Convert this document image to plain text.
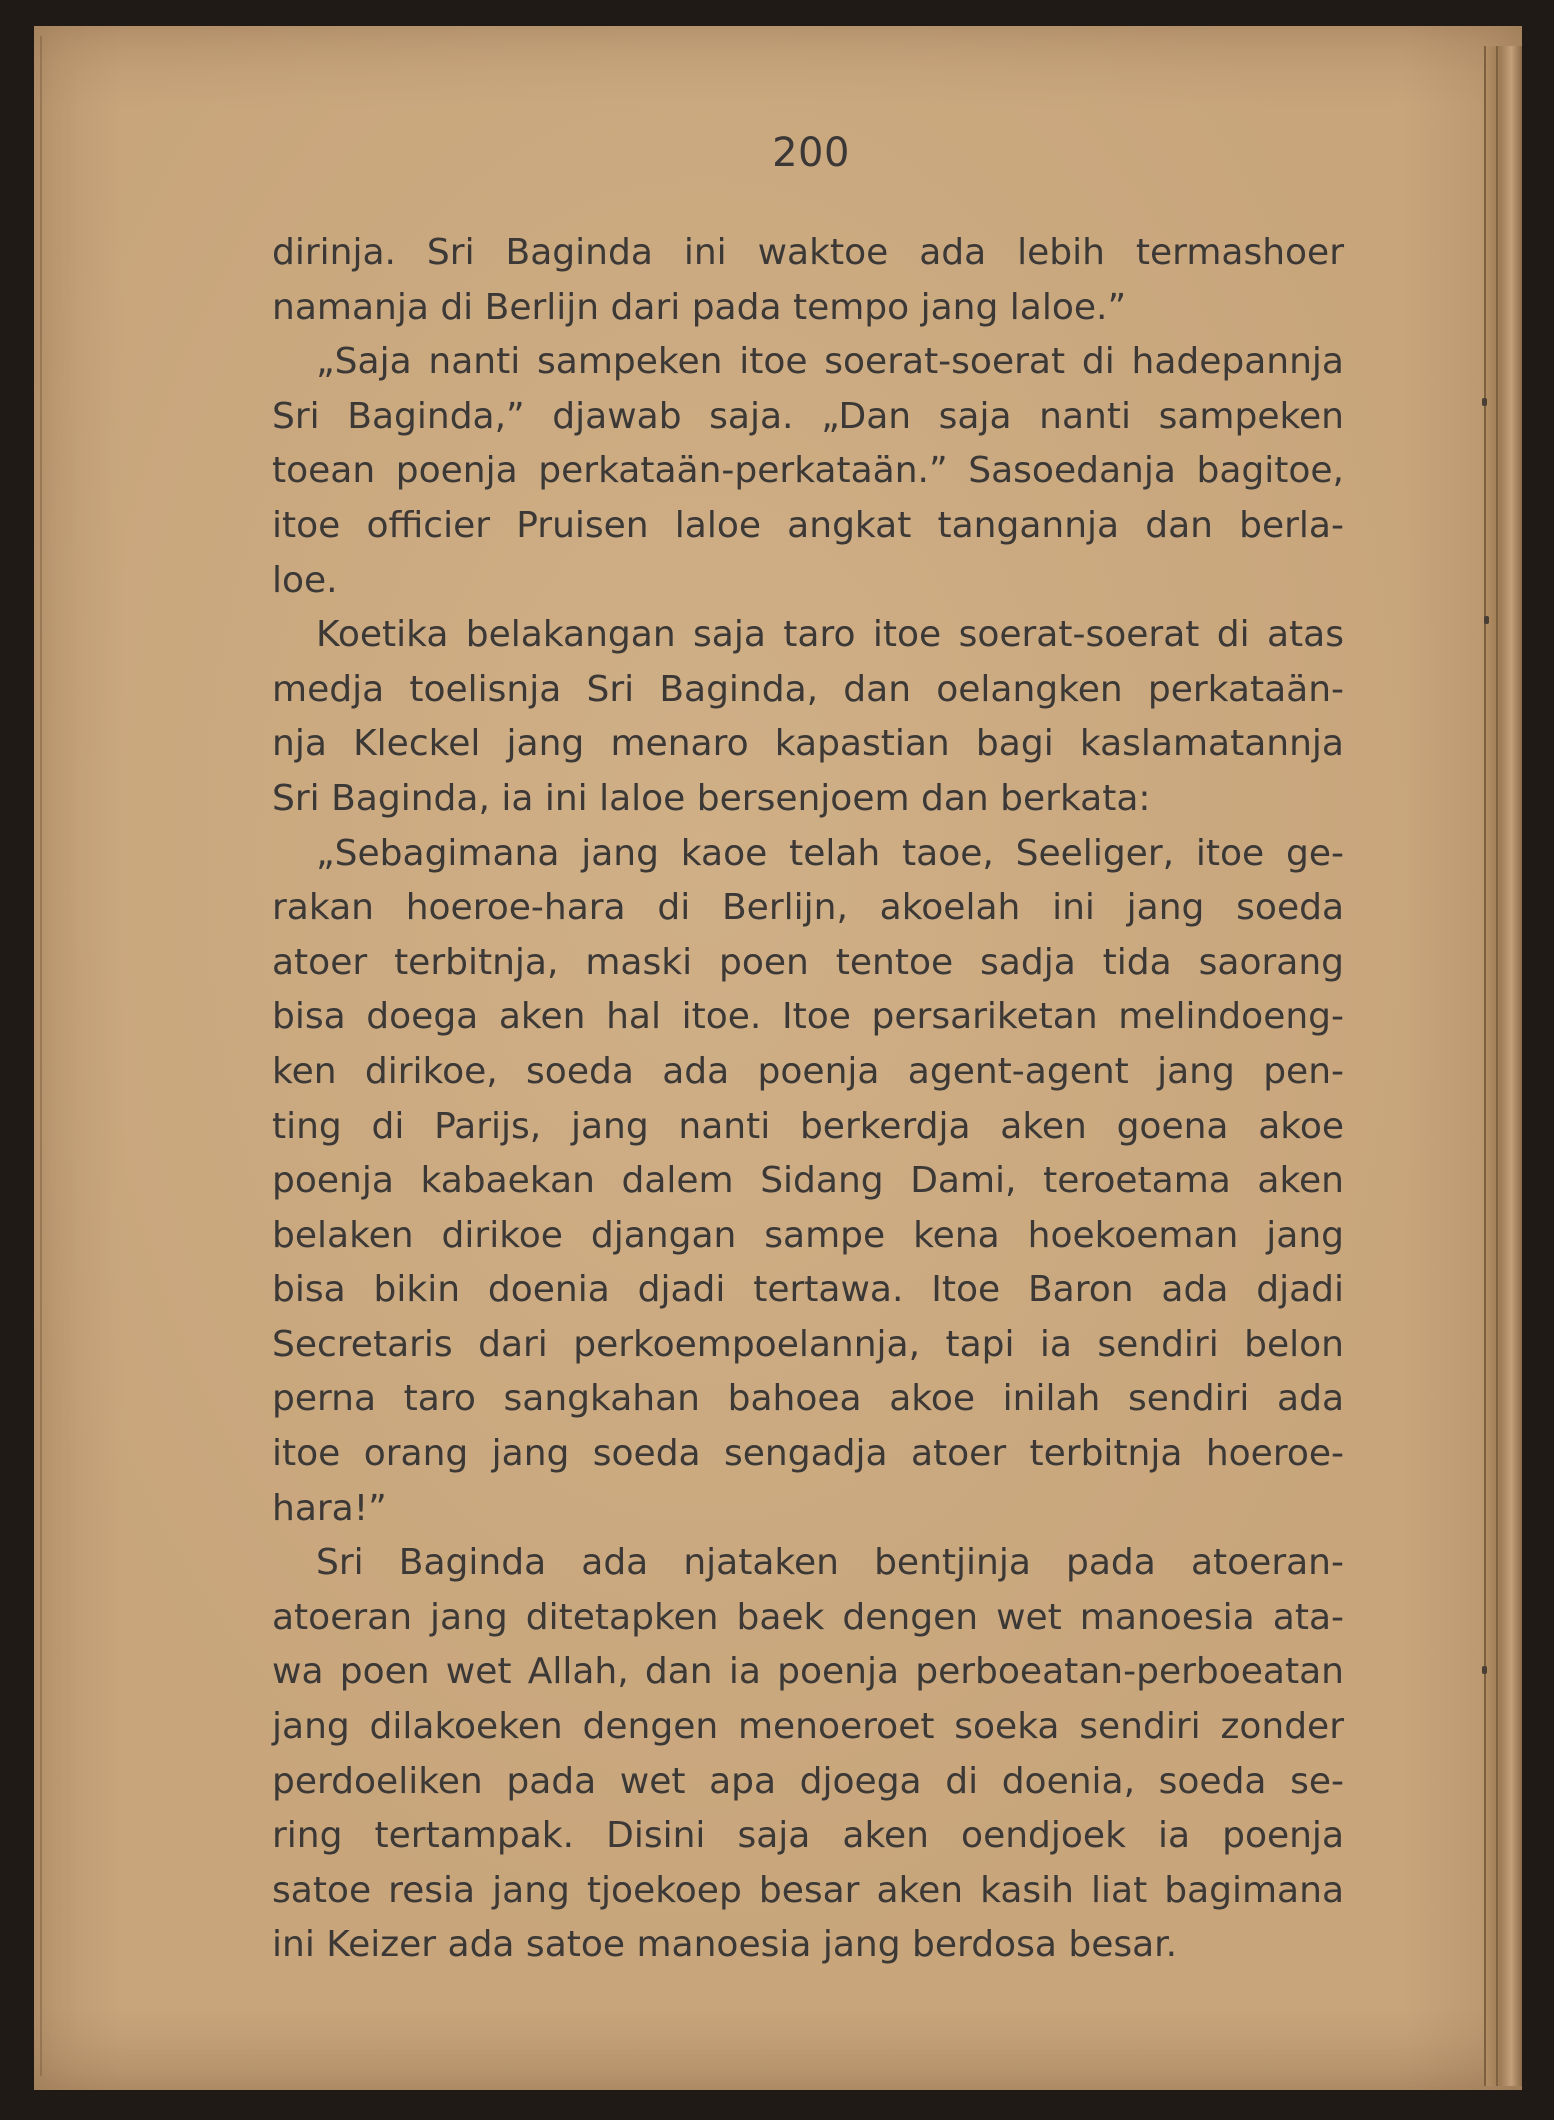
200
dirinja. Sri Baginda ini waktoe ada lebih termashoer
namanja di Berlijn dari pada tempo jang laloe.”
„Saja nanti sampeken itoe soerat-soerat di hadepannja
Sri Baginda,” djawab saja. „Dan saja nanti sampeken
toean poenja perkataän-perkataän.” Sasoedanja bagitoe,
itoe officier Pruisen laloe angkat tangannja dan berla-
loe.
Koetika belakangan saja taro itoe soerat-soerat di atas
medja toelisnja Sri Baginda, dan oelangken perkataän-
nja Kleckel jang menaro kapastian bagi kaslamatannja
Sri Baginda, ia ini laloe bersenjoem dan berkata:
„Sebagimana jang kaoe telah taoe, Seeliger, itoe ge-
rakan hoeroe-hara di Berlijn, akoelah ini jang soeda
atoer terbitnja, maski poen tentoe sadja tida saorang
bisa doega aken hal itoe. Itoe persariketan melindoeng-
ken dirikoe, soeda ada poenja agent-agent jang pen-
ting di Parijs, jang nanti berkerdja aken goena akoe
poenja kabaekan dalem Sidang Dami, teroetama aken
belaken dirikoe djangan sampe kena hoekoeman jang
bisa bikin doenia djadi tertawa. Itoe Baron ada djadi
Secretaris dari perkoempoelannja, tapi ia sendiri belon
perna taro sangkahan bahoea akoe inilah sendiri ada
itoe orang jang soeda sengadja atoer terbitnja hoeroe-
hara!”
Sri Baginda ada njataken bentjinja pada atoeran-
atoeran jang ditetapken baek dengen wet manoesia ata-
wa poen wet Allah, dan ia poenja perboeatan-perboeatan
jang dilakoeken dengen menoeroet soeka sendiri zonder
perdoeliken pada wet apa djoega di doenia, soeda se-
ring tertampak. Disini saja aken oendjoek ia poenja
satoe resia jang tjoekoep besar aken kasih liat bagimana
ini Keizer ada satoe manoesia jang berdosa besar.
